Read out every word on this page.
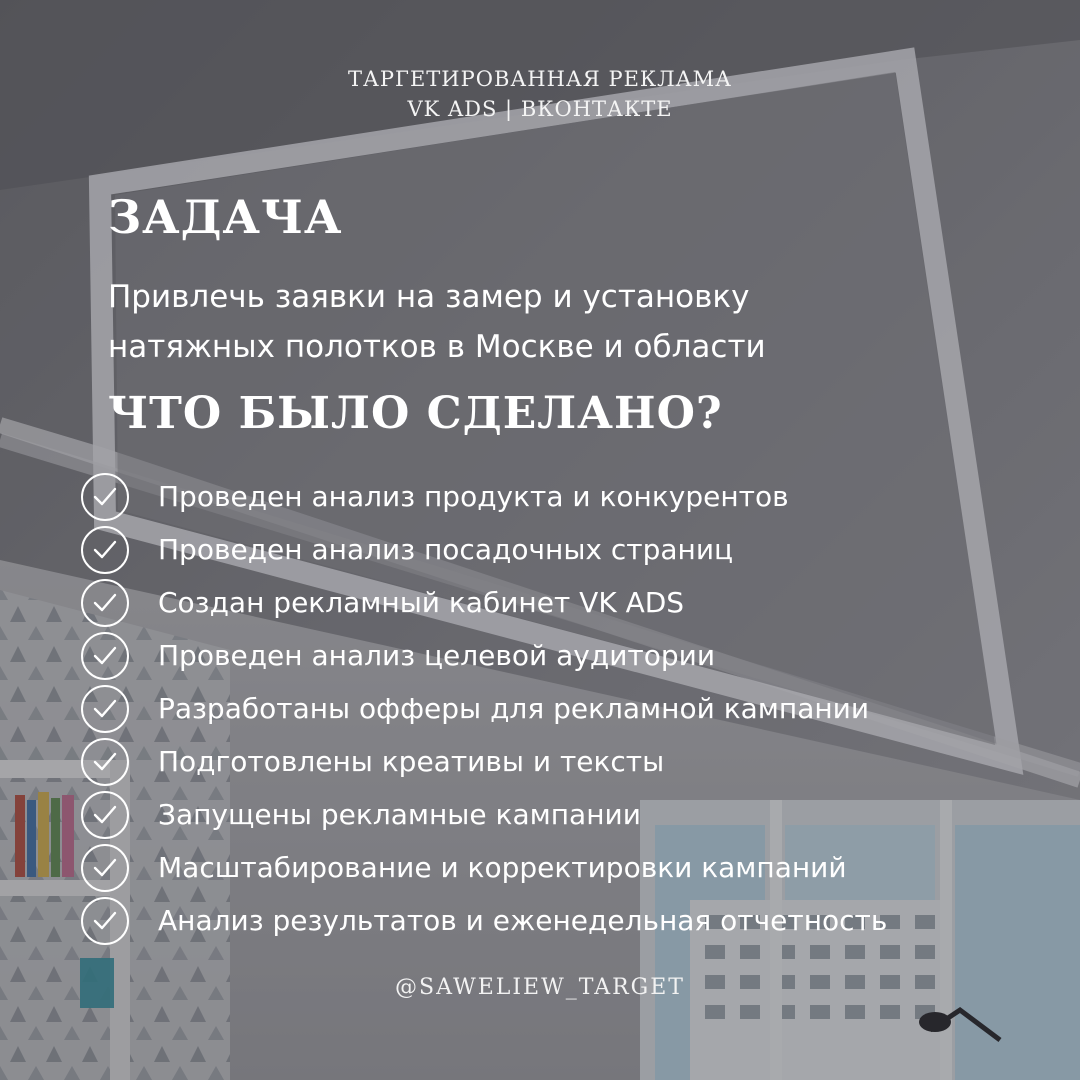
ТАРГЕТИРОВАННАЯ РЕКЛАМА
VK ADS | ВКОНТАКТЕ
ЗАДАЧА
Привлечь заявки на замер и установку
натяжных полотков в Москве и области
ЧТО БЫЛО СДЕЛАНО?
Проведен анализ продукта и конкурентов
Проведен анализ посадочных страниц
Создан рекламный кабинет VK ADS
Проведен анализ целевой аудитории
Разработаны офферы для рекламной кампании
Подготовлены креативы и тексты
Запущены рекламные кампании
Масштабирование и корректировки кампаний
Анализ результатов и еженедельная отчетность
@SAWELIEW_TARGET
